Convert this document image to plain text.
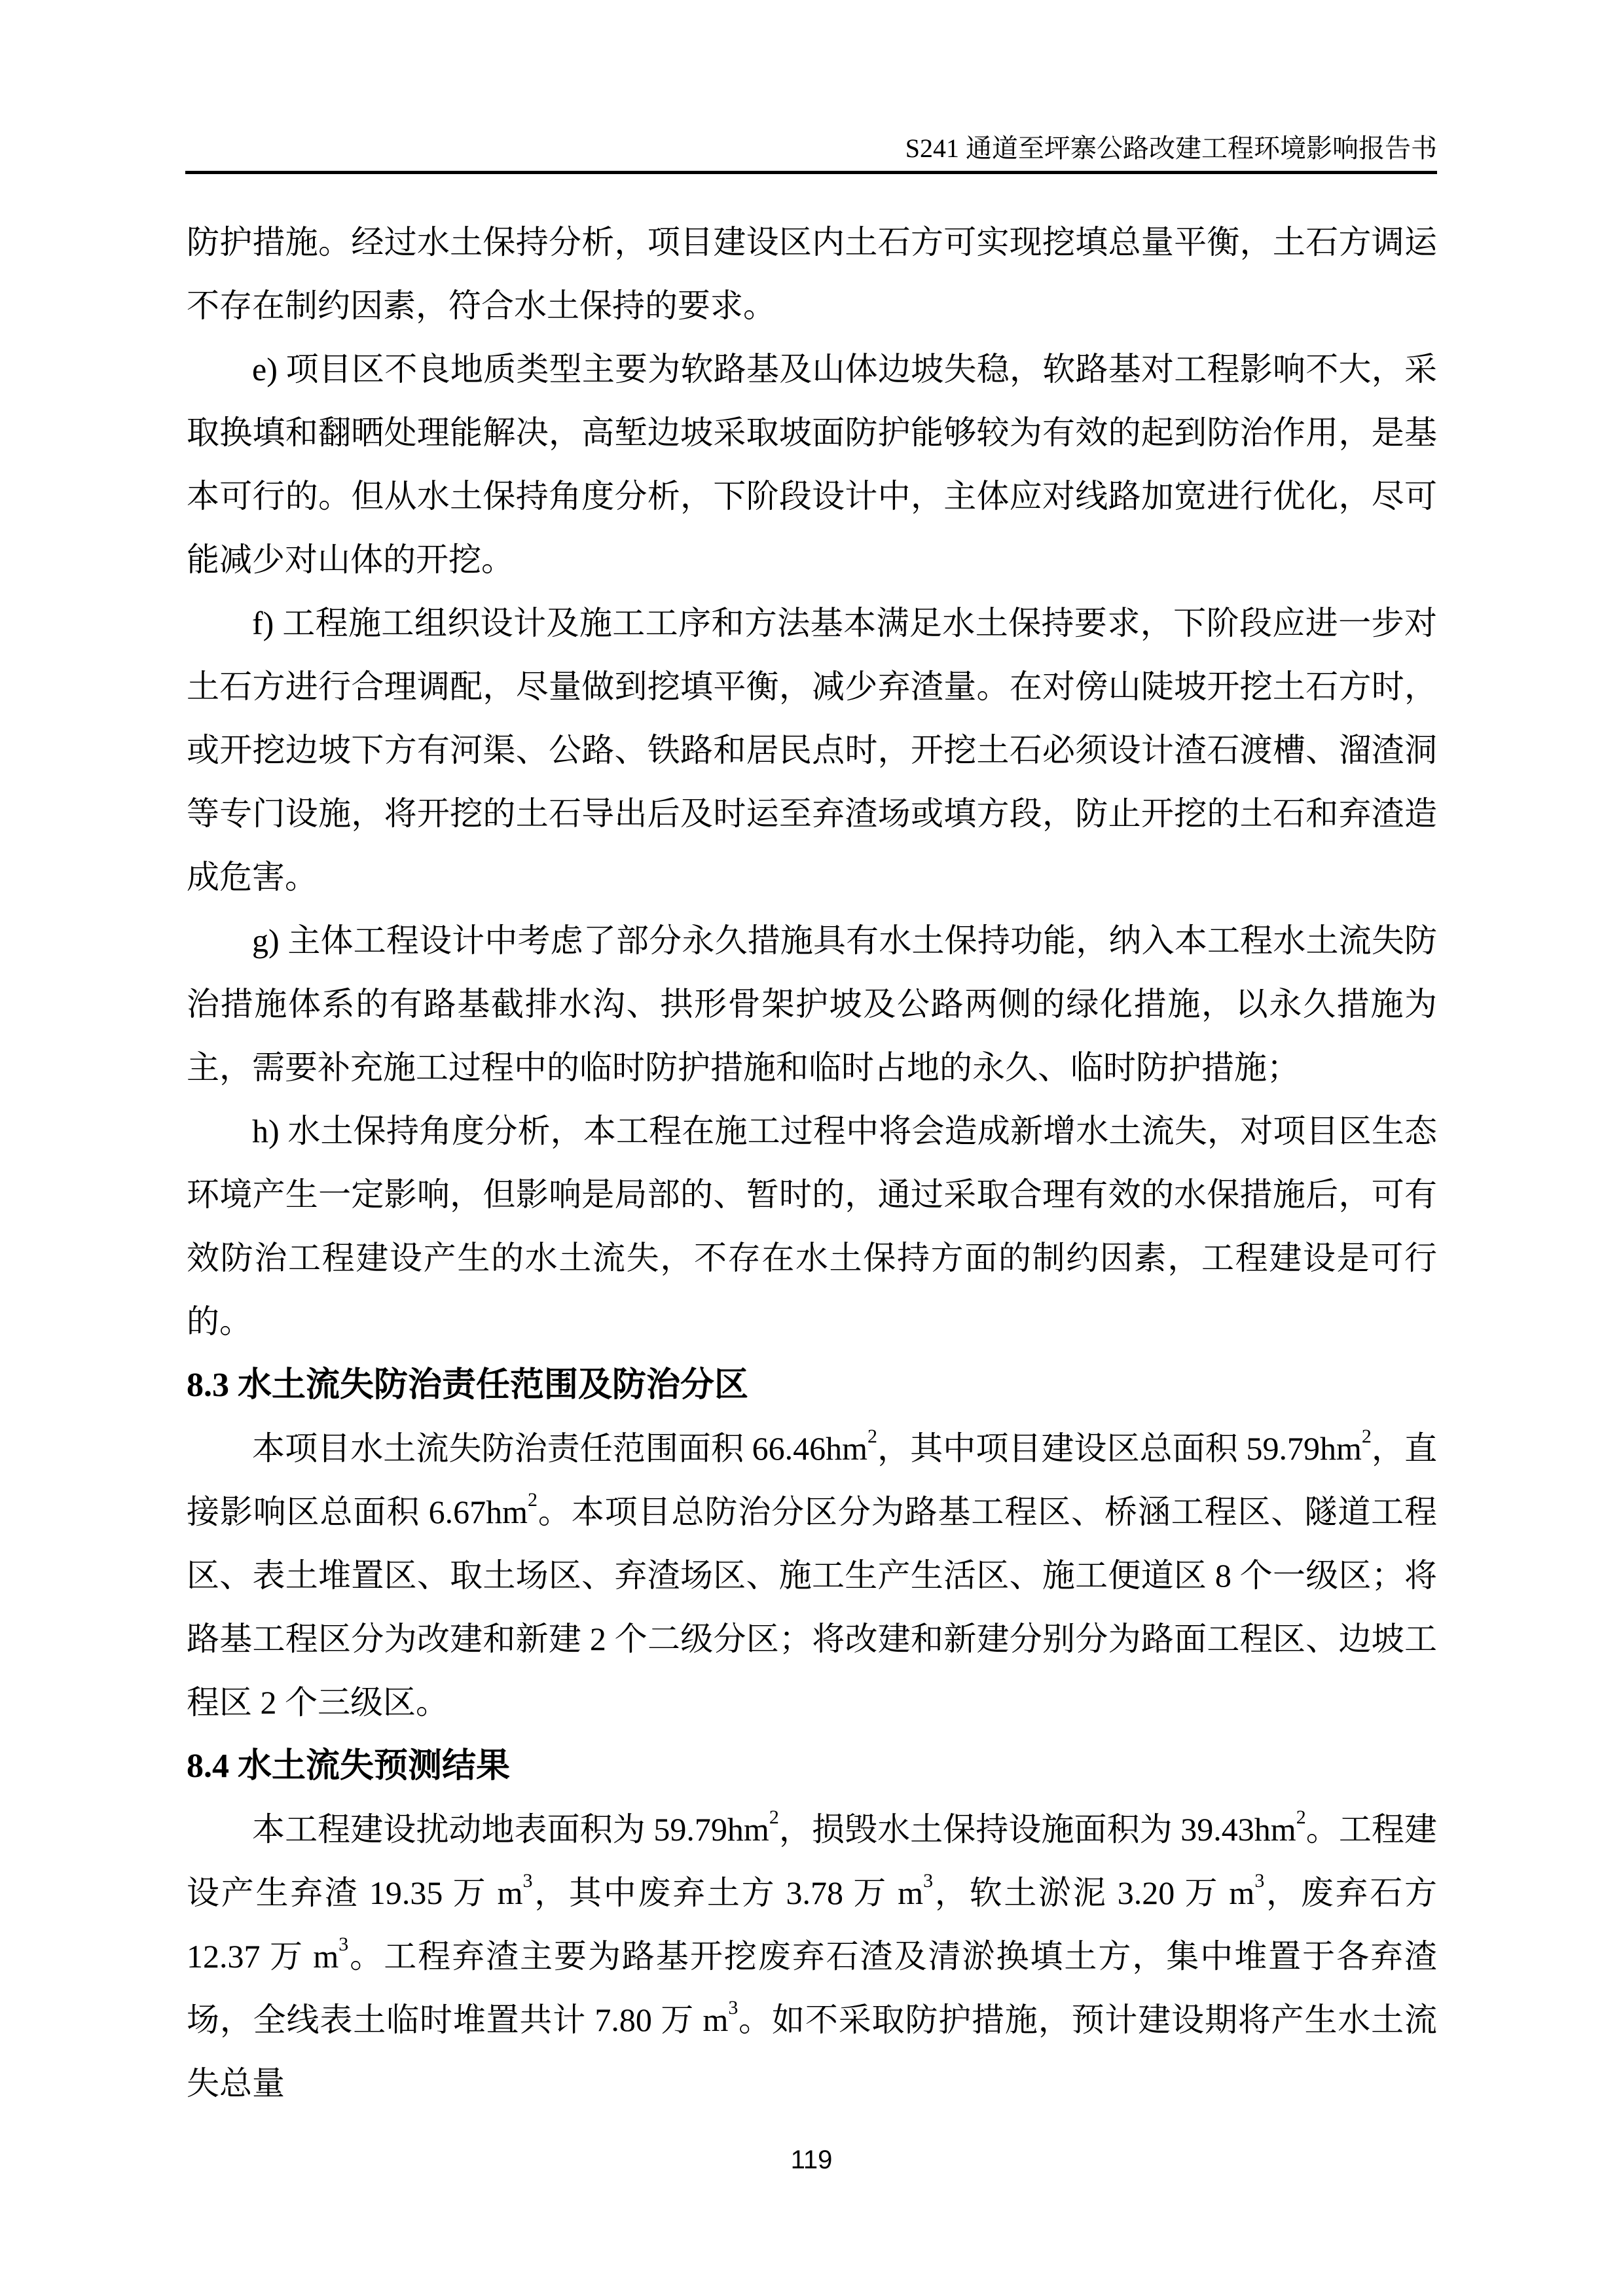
S241 通道至坪寨公路改建工程环境影响报告书

防护措施。经过水土保持分析，项目建设区内土石方可实现挖填总量平衡，土石方调运不存在制约因素，符合水土保持的要求。

e) 项目区不良地质类型主要为软路基及山体边坡失稳，软路基对工程影响不大，采取换填和翻晒处理能解决，高堑边坡采取坡面防护能够较为有效的起到防治作用，是基本可行的。但从水土保持角度分析，下阶段设计中，主体应对线路加宽进行优化，尽可能减少对山体的开挖。

f) 工程施工组织设计及施工工序和方法基本满足水土保持要求，下阶段应进一步对土石方进行合理调配，尽量做到挖填平衡，减少弃渣量。在对傍山陡坡开挖土石方时，或开挖边坡下方有河渠、公路、铁路和居民点时，开挖土石必须设计渣石渡槽、溜渣洞等专门设施，将开挖的土石导出后及时运至弃渣场或填方段，防止开挖的土石和弃渣造成危害。

g) 主体工程设计中考虑了部分永久措施具有水土保持功能，纳入本工程水土流失防治措施体系的有路基截排水沟、拱形骨架护坡及公路两侧的绿化措施，以永久措施为主，需要补充施工过程中的临时防护措施和临时占地的永久、临时防护措施；

h) 水土保持角度分析，本工程在施工过程中将会造成新增水土流失，对项目区生态环境产生一定影响，但影响是局部的、暂时的，通过采取合理有效的水保措施后，可有效防治工程建设产生的水土流失，不存在水土保持方面的制约因素，工程建设是可行的。

8.3 水土流失防治责任范围及防治分区

本项目水土流失防治责任范围面积 $66.46hm^2$，其中项目建设区总面积 $59.79hm^2$，直接影响区总面积 $6.67hm^2$。本项目总防治分区分为路基工程区、桥涵工程区、隧道工程区、表土堆置区、取土场区、弃渣场区、施工生产生活区、施工便道区 8 个一级区；将路基工程区分为改建和新建 2 个二级分区；将改建和新建分别分为路面工程区、边坡工程区 2 个三级区。

8.4 水土流失预测结果

本工程建设扰动地表面积为 $59.79hm^2$，损毁水土保持设施面积为 $39.43hm^2$。工程建设产生弃渣 19.35 万 $m^3$，其中废弃土方 3.78 万 $m^3$，软土淤泥 3.20 万 $m^3$，废弃石方 12.37 万 $m^3$。工程弃渣主要为路基开挖废弃石渣及清淤换填土方，集中堆置于各弃渣场，全线表土临时堆置共计 7.80 万 $m^3$。如不采取防护措施，预计建设期将产生水土流失总量

119
